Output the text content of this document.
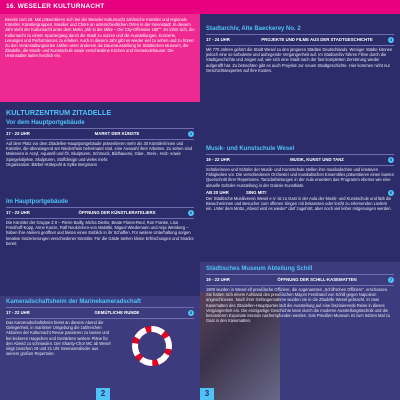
16. WESELER KULTURNACHT
Bereits zum 16. Mal präsentieren sich bei der Weseler Kulturnacht zahlreiche Künstler und regionale Künstler, Künstlergruppen, Musiker und Chöre an unterschiedlichen Orten in der Innenstadt. In diesem Jahr steht der Kulturnacht unter dem Motto „Wir in der Mitte – Die City-Offensive 180°“. Es lohnt sich, die Kulturnacht zu einem Spaziergang durch die Stadt zu nutzen und die Ausstellungen, Konzerte, Lesungen und Performances zu erleben. Auch in diesem Jahr gibt es wieder viel zu sehen und zu hören: Zu den Veranstaltungsorten zählen unter anderem die Dauerausstellung im Städtischen Museum, die Zitadelle, die Musik- und Kunstschule sowie verschiedene Kirchen und Gemeindehäuser. Die Veranstalter laden herzlich ein.
KULTURZENTRUM ZITADELLE
Vor dem Hauptportgebäude
17 - 23 UHR	MARKT DER KÜNSTE	1
Auf dem Platz vor dem Zitadellen-Hauptportgebäude präsentieren mehr als 30 Künstler/innen und Künstler, die überwiegend am Niederrhein beheimatet sind, eine Auswahl ihrer Arbeiten. Zu sehen sind Malereien in Acryl, Aquarell und Öl, Skulpturen, Schmuck, Bildhauerei, Glas-, Stein-, Holz- sowie Spiegelobjekte, Skulpturen, Stoffdesign und vieles mehr.
Organisation: Bärbel Hüttepohl & Sylke Bergmann
Im Hauptportgebäude
17 - 23 UHR	ÖFFNUNG DER KÜNSTLERATELIERS	2
Die Künstler der Gruppe Z 8 – Pierre Bailly, Micha Dierks, Beate Flores-Reul, Ron Franke, Lisa Frenthoff-Kopp, Anne Kunze, Ralf Neukirchen-von Malottki, Miguel Wiedemann und Anja Weinberg – haben ihre Ateliers geöffnet und bieten einen Einblick in ihr Schaffen. Für weitere Unterhaltung sorgen kreative Inszenierungen verschiedener Künstler. Für die Gäste stehen kleine Erfrischungen und Snacks bereit.
Kameradschaftsheim der Marinekameradschaft
17 - 22 UHR	GEMÜTLICHE RUNDE	3
Das Kameradschaftsheim bietet an diesem Abend die Gelegenheit, in maritimer Umgebung die zahlreichen Aktionen der Kulturnacht Revue passieren zu lassen und bei leckeren Happchen und Getränken weitere Pläne für den Abend zu schmieden. Der Shanty-Chor MC ab Wesel singt zwischen 19 und 21 Uhr Seemannslieder aus seinem großen Repertoire.
2
Stadtarchiv, Alte Baeckerey No. 2
17 - 24 UHR	PROJEKTE UND FILME AUS DER STADTGESCHICHTE	4
Mit 770 Jahren gehört die Stadt Wesel zu den jüngeren Städten Deutschlands. Weniger Städte können jedoch eine so turbulente und aufregende Vergangenheit auf. Im Stadtarchiv führen Filme durch die Stadtgeschichte und zeigen auf, wie sich eine Stadt nach der fast kompletten Zerstörung wieder aufgerafft hat. Zu betrachten gibt es auch Projekte zur neuen Stadtgeschichte. Hier kommen nicht nur Geschichtsexperten auf ihre Kosten.
Musik- und Kunstschule Wesel
19 - 22 UHR	MUSIK, KUNST UND TANZ	5
Schülerinnen und Schüler der Musik- und Kunstschule stellen ihre musikalischen und kreativen Fähigkeiten vor. Die verschiedenen Orchester und musikalischen Ensembles präsentieren einen bunten Querschnitt ihrer Repertoires. Tanzdarbietungen in der Aula erweitern das Programm ebenso wie eine aktuelle Schüler-Ausstellung in der Galerie Kunstkiste.
AB 20 UHR	SING MIT!	6
Der Städtische Musikverein Wesel e.V. ist zu Gast in der Aula der Musik- und Kunstschule und lädt die Besucherinnen und Besucher zum offenen Singen mit bekannten oder leicht zu erlernenden Liedern ein. Unter dem Motto „Abend wird es wieder“ darf zugehört, aber noch viel lieber mitgesungen werden.
Städtisches Museum Abteilung Schill
19 - 23 UHR	ÖFFNUNG DER SCHILL-KASEMATTEN	7
1809 wurden in Wesel elf preußische Offiziere, die sogenannten „Schill'schen Offiziere“, erschossen. Sie hatten sich einem Aufstand des preußischen Majors Ferdinand von Schill gegen Napoleon angeschlossen. Nach ihrer Gefangennahme wurden sie in die Zitadelle Wesel gebracht. In zwei Kasematten des Zitadellen-Hauptportes lädt die Ausstellung auf eine faszinierende Reise in dieses Vergangenheit ein. Die einzigartige Geschichte kann durch die moderne Ausstellungstechnik und die besonderen Exponate intensiv nachempfunden werden. Das Preußen-Museum ist zum letzten Mal zu Gast in den Kasematten.
3
